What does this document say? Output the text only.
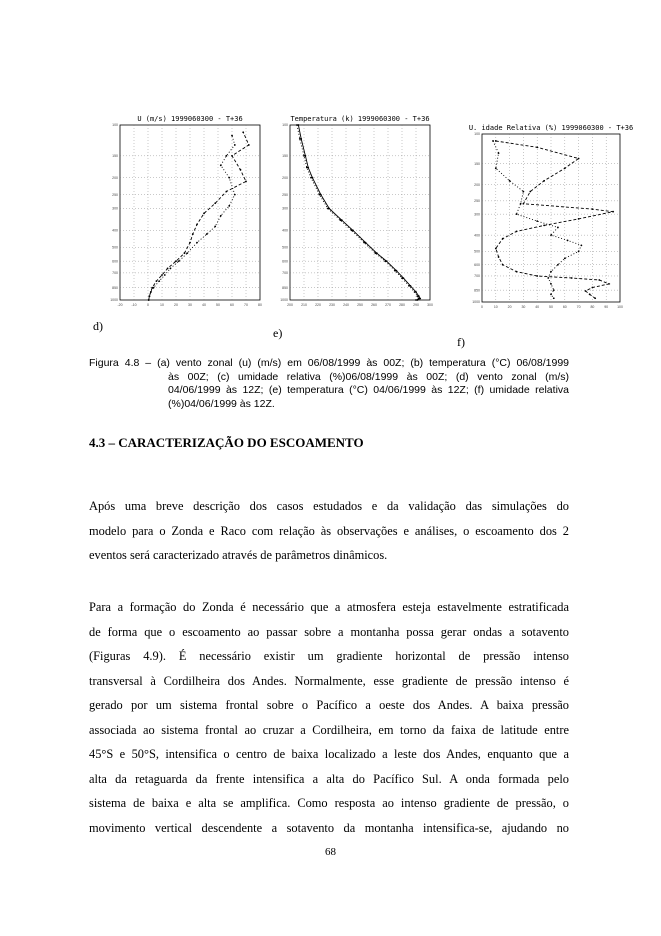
U (m/s) 1999060300 - T+36
-20	-10	0	10	20	30	40	50	60	70	80
100
150
200
250
300
400
500
600
700
850
1000
Temperatura (k) 1999060300 - T+36
200 210 220 230 240 250 260 270 280 290 300
100
150
200
250
300
400
500
600
700
850
1000
U. idade Relativa (%) 1999060300 - T+36
0	10	20	30	40	50	60	70	80	90	100
100
150
200
250
300
400
500
600
700
850
1000
d)	e)
f)
Figura 4.8 – (a) vento zonal (u) (m/s) em 06/08/1999 às 00Z; (b) temperatura (°C) 06/08/1999
às 00Z; (c) umidade relativa (%)06/08/1999 às 00Z; (d) vento zonal (m/s)
04/06/1999 às 12Z; (e) temperatura (°C) 04/06/1999 às 12Z; (f) umidade relativa
(%)04/06/1999 às 12Z.
4.3 – CARACTERIZAÇÃO DO ESCOAMENTO
Após uma breve descrição dos casos estudados e da validação das simulações do
modelo para o Zonda e Raco com relação às observações e análises, o escoamento dos 2
eventos será caracterizado através de parâmetros dinâmicos.
Para a formação do Zonda é necessário que a atmosfera esteja estavelmente estratificada
de forma que o escoamento ao passar sobre a montanha possa gerar ondas a sotavento
(Figuras 4.9). É necessário existir um gradiente horizontal de pressão intenso
transversal à Cordilheira dos Andes. Normalmente, esse gradiente de pressão intenso é
gerado por um sistema frontal sobre o Pacífico a oeste dos Andes. A baixa pressão
associada ao sistema frontal ao cruzar a Cordilheira, em torno da faixa de latitude entre
45°S e 50°S, intensifica o centro de baixa localizado a leste dos Andes, enquanto que a
alta da retaguarda da frente intensifica a alta do Pacífico Sul. A onda formada pelo
sistema de baixa e alta se amplifica. Como resposta ao intenso gradiente de pressão, o
movimento vertical descendente a sotavento da montanha intensifica-se, ajudando no
68
